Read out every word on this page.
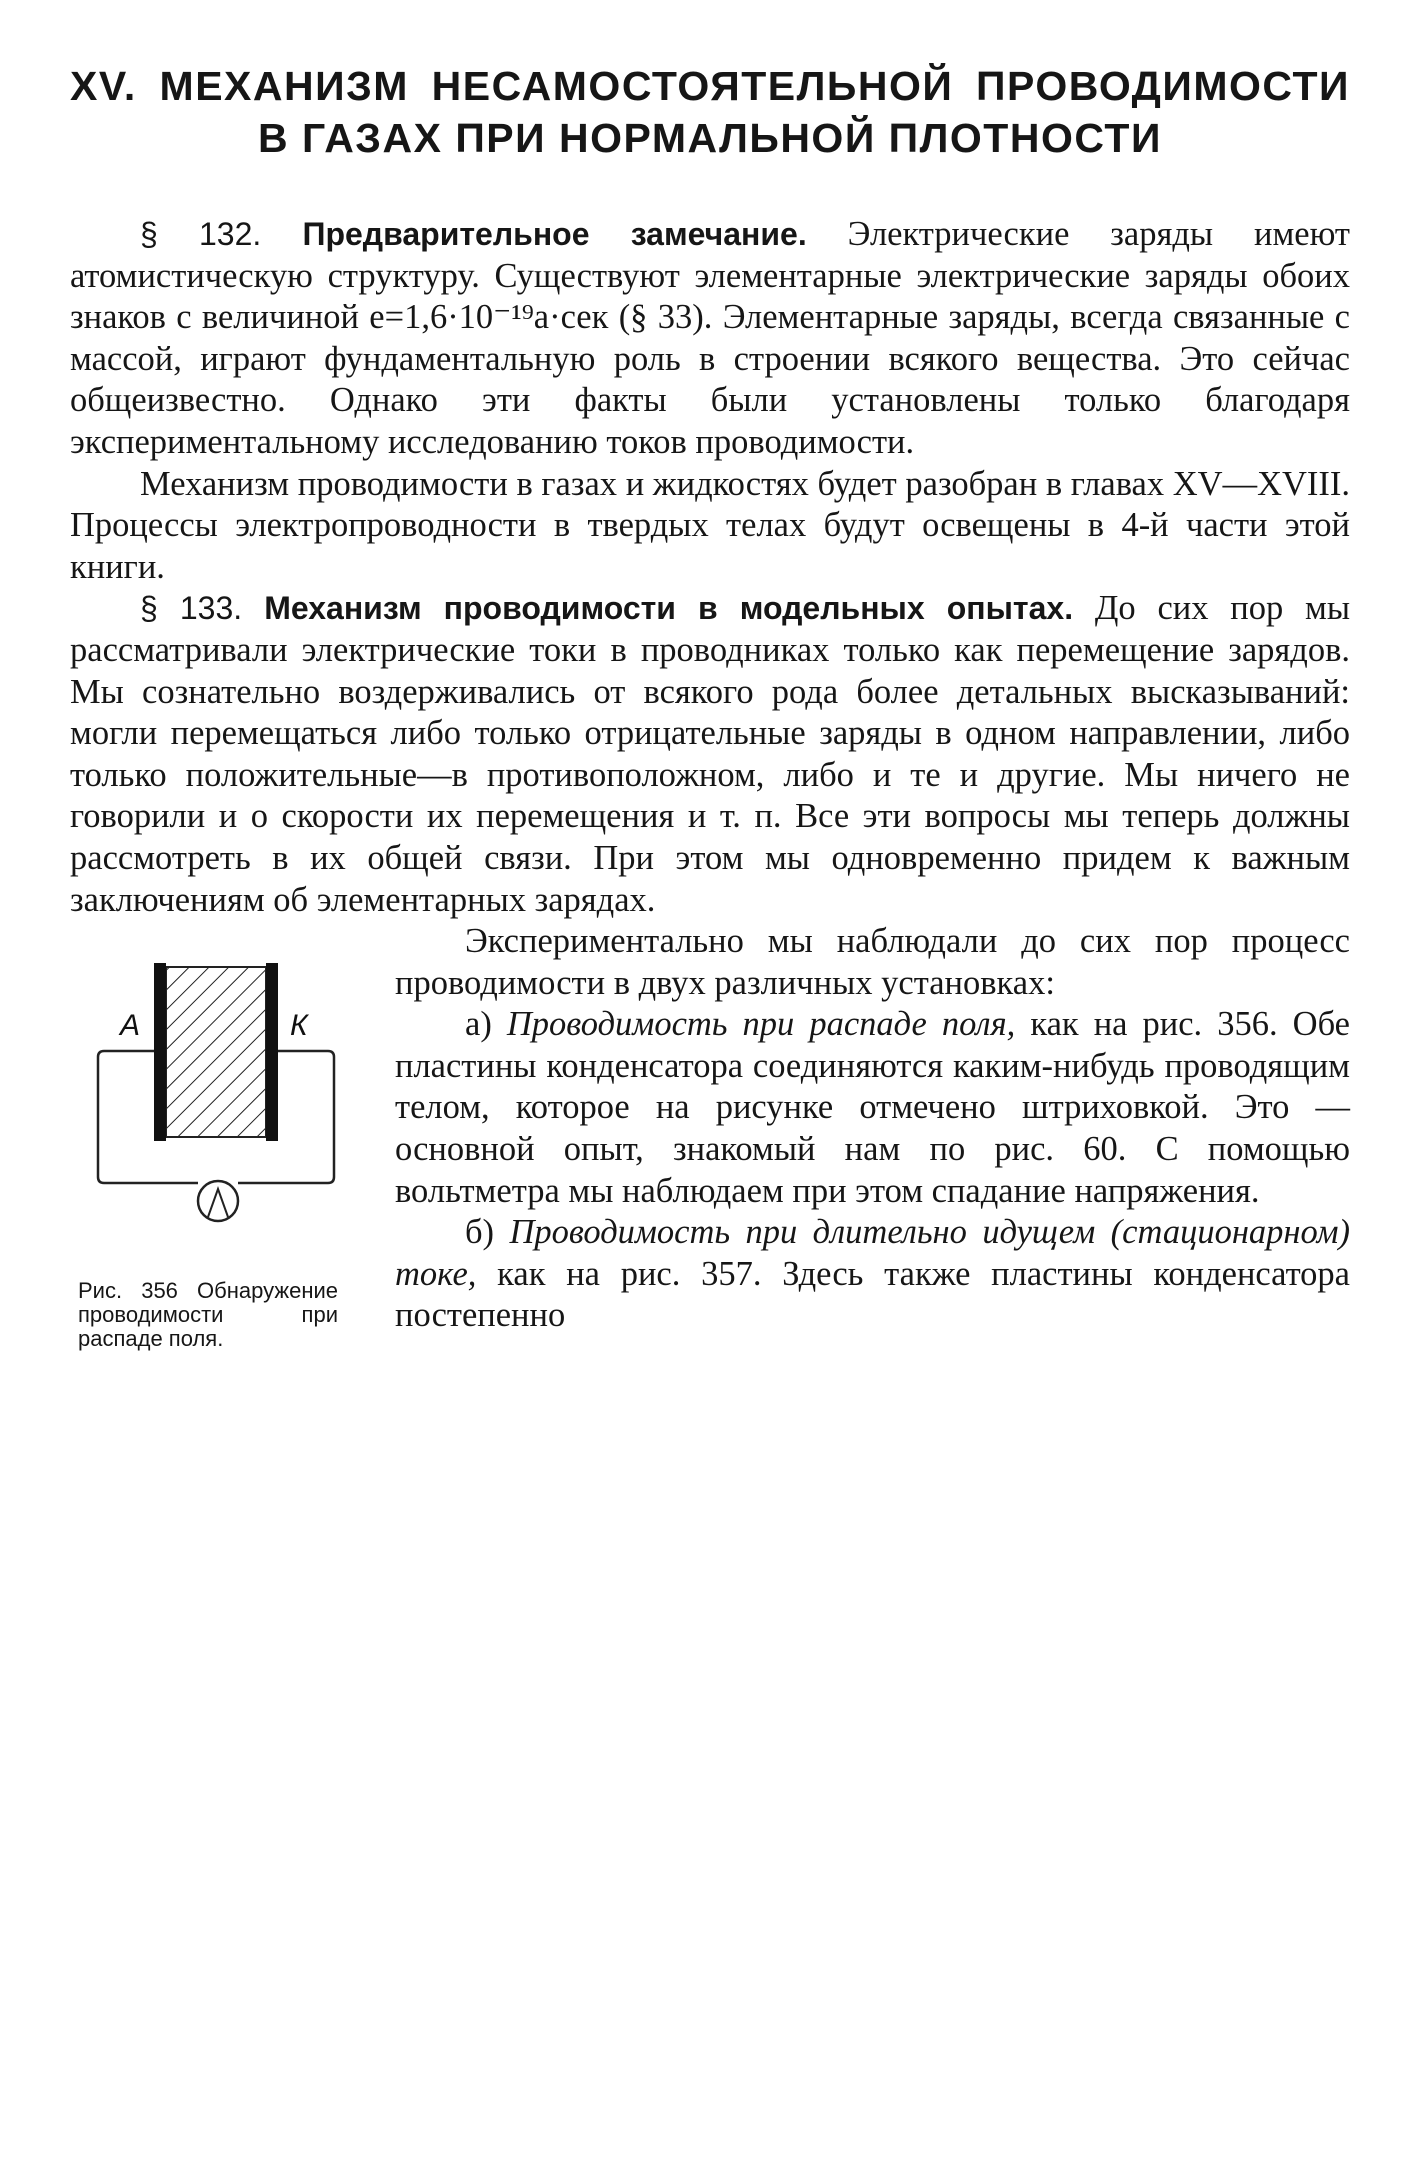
XV. МЕХАНИЗМ НЕСАМОСТОЯТЕЛЬНОЙ ПРОВОДИМОСТИ
В ГАЗАХ ПРИ НОРМАЛЬНОЙ ПЛОТНОСТИ

§ 132. Предварительное замечание. Электрические заряды имеют атомистическую структуру. Существуют элементарные электрические заряды обоих знаков с величиной e=1,6·10⁻¹⁹a·сек (§ 33). Элементарные заряды, всегда связанные с массой, играют фундаментальную роль в строении всякого вещества. Это сейчас общеизвестно. Однако эти факты были установлены только благодаря экспериментальному исследованию токов проводимости.

Механизм проводимости в газах и жидкостях будет разобран в главах XV—XVIII. Процессы электропроводности в твердых телах будут освещены в 4-й части этой книги.

§ 133. Механизм проводимости в модельных опытах. До сих пор мы рассматривали электрические токи в проводниках только как перемещение зарядов. Мы сознательно воздерживались от всякого рода более детальных высказываний: могли перемещаться либо только отрицательные заряды в одном направлении, либо только положительные—в противоположном, либо и те и другие. Мы ничего не говорили и о скорости их перемещения и т. п. Все эти вопросы мы теперь должны рассмотреть в их общей связи. При этом мы одновременно придем к важным заключениям об элементарных зарядах.

А	К
Рис. 356 Обнаружение проводимости при распаде поля.

Экспериментально мы наблюдали до сих пор процесс проводимости в двух различных установках:

а) Проводимость при распаде поля, как на рис. 356. Обе пластины конденсатора соединяются каким-нибудь проводящим телом, которое на рисунке отмечено штриховкой. Это — основной опыт, знакомый нам по рис. 60. С помощью вольтметра мы наблюдаем при этом спадание напряжения.

б) Проводимость при длительно идущем (стационарном) токе, как на рис. 357. Здесь также пластины конденсатора постепенно
